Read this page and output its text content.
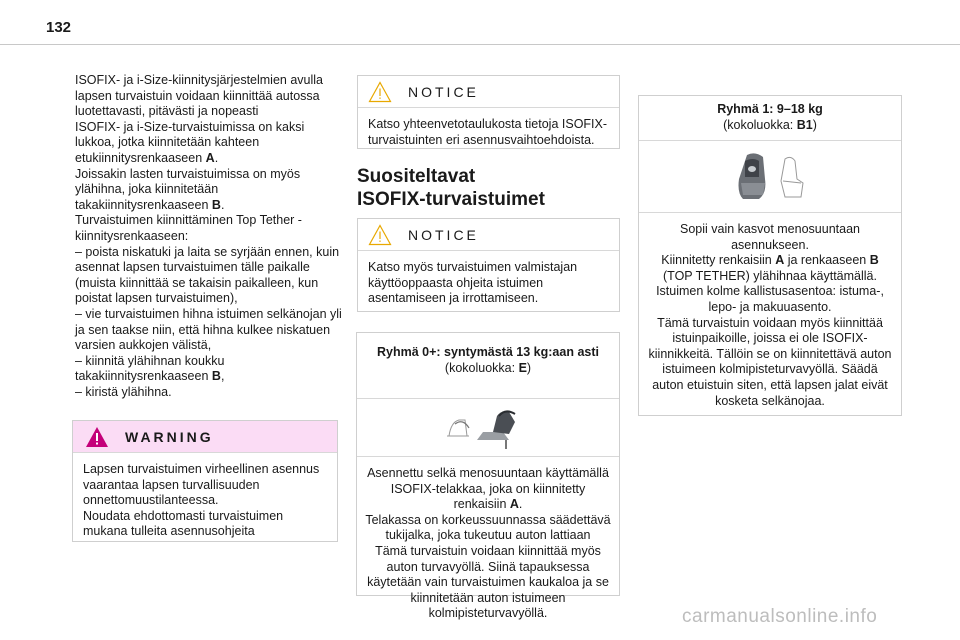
132

ISOFIX- ja i-Size-kiinnitysjärjestelmien avulla lapsen turvaistuin voidaan kiinnittää autossa luotettavasti, pitävästi ja nopeasti

ISOFIX- ja i-Size-turvaistuimissa on kaksi lukkoa, jotka kiinnitetään kahteen etukiinnitysrenkaaseen A.

Joissakin lasten turvaistuimissa on myös ylähihna, joka kiinnitetään takakiinnitysrenkaaseen B.

Turvaistuimen kiinnittäminen Top Tether -kiinnitysrenkaaseen:

– poista niskatuki ja laita se syrjään ennen, kuin asennat lapsen turvaistuimen tälle paikalle (muista kiinnittää se takaisin paikalleen, kun poistat lapsen turvaistuimen),

– vie turvaistuimen hihna istuimen selkänojan yli ja sen taakse niin, että hihna kulkee niskatuen varsien aukkojen välistä,

– kiinnitä ylähihnan koukku takakiinnitysrenkaaseen B,

– kiristä ylähihna.

WARNING

Lapsen turvaistuimen virheellinen asennus vaarantaa lapsen turvallisuuden onnettomuustilanteessa.

Noudata ehdottomasti turvaistuimen mukana tulleita asennusohjeita

NOTICE
Katso yhteenvetotaulukosta tietoja ISOFIX-turvaistuinten eri asennusvaihtoehdoista.
Suositeltavat
ISOFIX-turvaistuimet
NOTICE
Katso myös turvaistuimen valmistajan käyttöoppaasta ohjeita istuimen asentamiseen ja irrottamiseen.
Ryhmä 0+: syntymästä 13 kg:aan asti
(kokoluokka: E)

Asennettu selkä menosuuntaan käyttämällä ISOFIX-telakkaa, joka on kiinnitetty renkaisiin A.

Telakassa on korkeussuunnassa säädettävä tukijalka, joka tukeutuu auton lattiaan

Tämä turvaistuin voidaan kiinnittää myös auton turvavyöllä. Siinä tapauksessa käytetään vain turvaistuimen kaukaloa ja se kiinnitetään auton istuimeen kolmipisteturvavyöllä.

Ryhmä 1: 9–18 kg
(kokoluokka: B1)

Sopii vain kasvot menosuuntaan asennukseen.

Kiinnitetty renkaisiin A ja renkaaseen B (TOP TETHER) ylähihnaa käyttämällä.

Istuimen kolme kallistusasentoa: istuma-, lepo- ja makuuasento.

Tämä turvaistuin voidaan myös kiinnittää istuinpaikoille, joissa ei ole ISOFIX-kiinnikkeitä. Tällöin se on kiinnitettävä auton istuimeen kolmipisteturvavyöllä. Säädä auton etuistuin siten, että lapsen jalat eivät kosketa selkänojaa.

carmanualsonline.info
